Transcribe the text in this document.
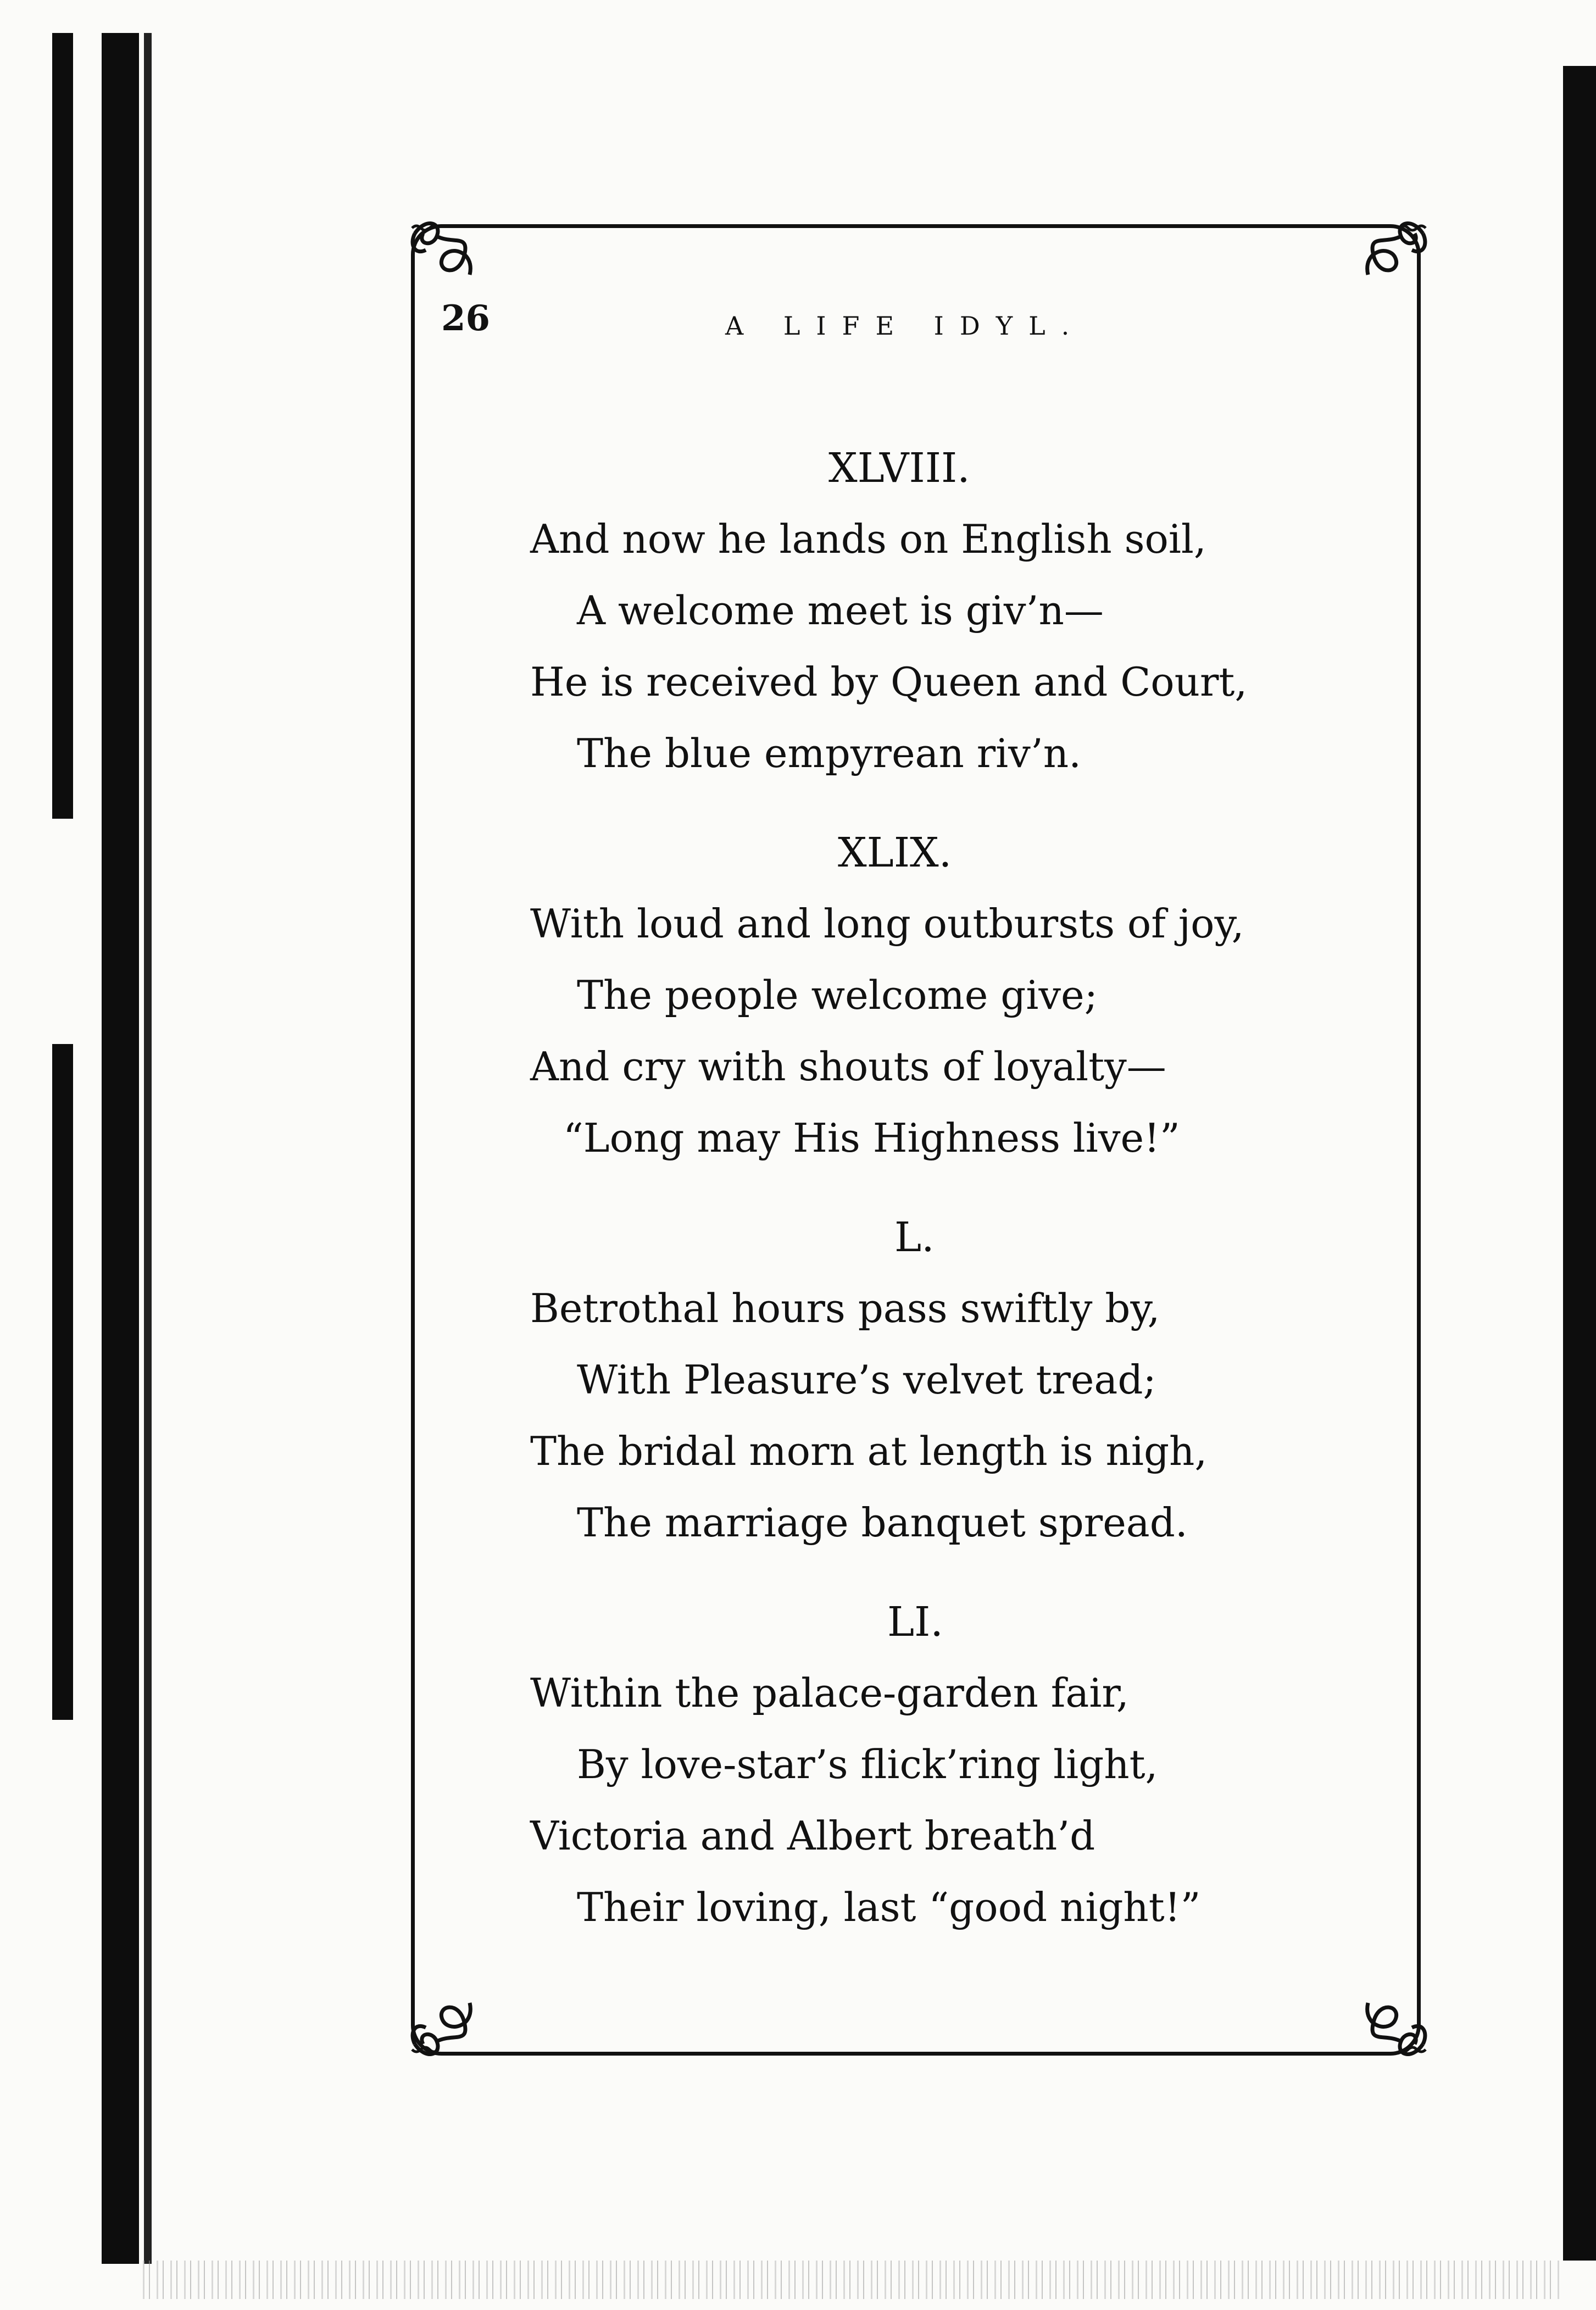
26	A LIFE IDYL.
XLVIII.
And now he lands on English soil,
A welcome meet is giv’n—
He is received by Queen and Court,
The blue empyrean riv’n.
XLIX.
With loud and long outbursts of joy,
The people welcome give;
And cry with shouts of loyalty—
“Long may His Highness live!”
L.
Betrothal hours pass swiftly by,
With Pleasure’s velvet tread;
The bridal morn at length is nigh,
The marriage banquet spread.
LI.
Within the palace-garden fair,
By love-star’s flick’ring light,
Victoria and Albert breath’d
Their loving, last “good night!”
